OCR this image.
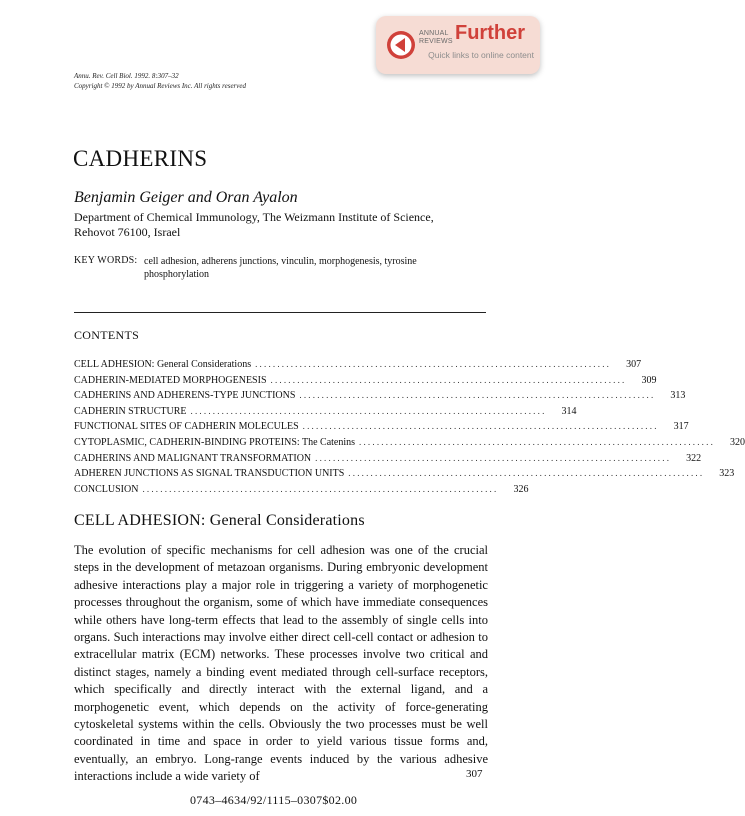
ANNUAL
REVIEWS Further
Quick links to online content
Annu. Rev. Cell Biol. 1992. 8:307–32
Copyright © 1992 by Annual Reviews Inc. All rights reserved
CADHERINS
Benjamin Geiger and Oran Ayalon
Department of Chemical Immunology, The Weizmann Institute of Science,
Rehovot 76100, Israel
KEY WORDS: cell adhesion, adherens junctions, vinculin, morphogenesis, tyrosine phosphorylation
CONTENTS
CELL ADHESION: General Considerations ................................................................................	307
CADHERIN-MEDIATED MORPHOGENESIS ................................................................................	309
CADHERINS AND ADHERENS-TYPE JUNCTIONS ................................................................................	313
CADHERIN STRUCTURE ................................................................................	314
FUNCTIONAL SITES OF CADHERIN MOLECULES ................................................................................	317
CYTOPLASMIC, CADHERIN-BINDING PROTEINS: The Catenins ................................................................................	320
CADHERINS AND MALIGNANT TRANSFORMATION ................................................................................	322
ADHEREN JUNCTIONS AS SIGNAL TRANSDUCTION UNITS ................................................................................	323
CONCLUSION ................................................................................	326
CELL ADHESION: General Considerations
The evolution of specific mechanisms for cell adhesion was one of the crucial steps in the development of metazoan organisms. During embryonic development adhesive interactions play a major role in triggering a variety of morphogenetic processes throughout the organism, some of which have immediate consequences while others have long-term effects that lead to the assembly of single cells into organs. Such interactions may involve either direct cell-cell contact or adhesion to extracellular matrix (ECM) networks. These processes involve two critical and distinct stages, namely a binding event mediated through cell-surface receptors, which specifically and directly interact with the external ligand, and a morphogenetic event, which depends on the activity of force-generating cytoskeletal systems within the cells. Obviously the two processes must be well coordinated in time and space in order to yield various tissue forms and, eventually, an embryo. Long-range events induced by the various adhesive interactions include a wide variety of	307
0743–4634/92/1115–0307$02.00
